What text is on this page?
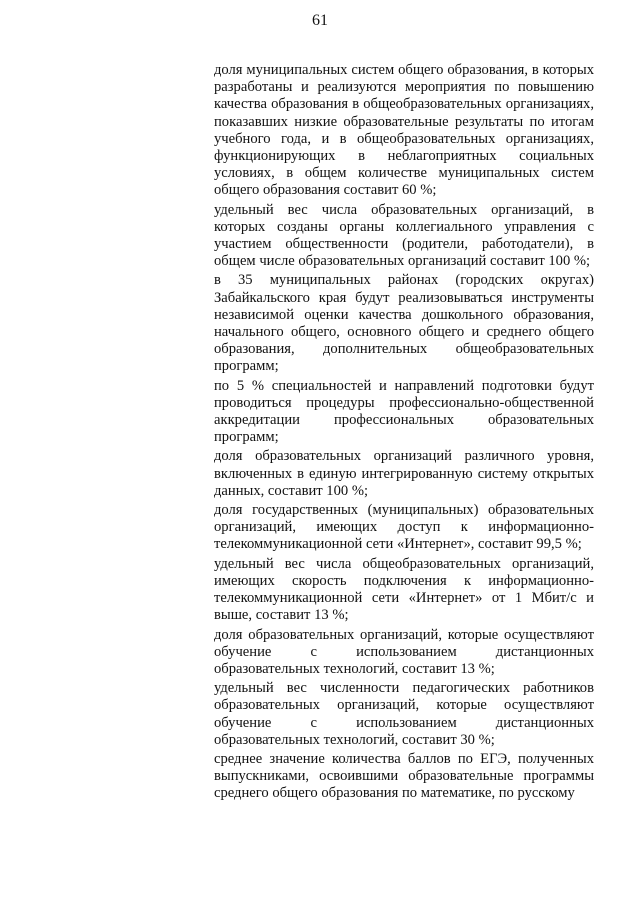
61

доля муниципальных систем общего образования, в которых разработаны и реализуются мероприятия по повышению качества образования в общеобразовательных организациях, показавших низкие образовательные результаты по итогам учебного года, и в общеобразовательных организациях, функционирующих в неблагоприятных социальных условиях, в общем количестве муниципальных систем общего образования составит 60 %;

удельный вес числа образовательных организаций, в которых созданы органы коллегиального управления с участием общественности (родители, работодатели), в общем числе образовательных организаций составит 100 %;

в 35 муниципальных районах (городских округах) Забайкальского края будут реализовываться инструменты независимой оценки качества дошкольного образования, начального общего, основного общего и среднего общего образования, дополнительных общеобразовательных программ;

по 5 % специальностей и направлений подготовки будут проводиться процедуры профессионально-общественной аккредитации профессиональных образовательных программ;

доля образовательных организаций различного уровня, включенных в единую интегрированную систему открытых данных, составит 100 %;

доля государственных (муниципальных) образовательных организаций, имеющих доступ к информационно-телекоммуникационной сети «Интернет», составит 99,5 %;

удельный вес числа общеобразовательных организаций, имеющих скорость подключения к информационно-телекоммуникационной сети «Интернет» от 1 Мбит/с и выше, составит 13 %;

доля образовательных организаций, которые осуществляют обучение с использованием дистанционных образовательных технологий, составит 13 %;

удельный вес численности педагогических работников образовательных организаций, которые осуществляют обучение с использованием дистанционных образовательных технологий, составит 30 %;

среднее значение количества баллов по ЕГЭ, полученных выпускниками, освоившими образовательные программы среднего общего образования по математике, по русскому
